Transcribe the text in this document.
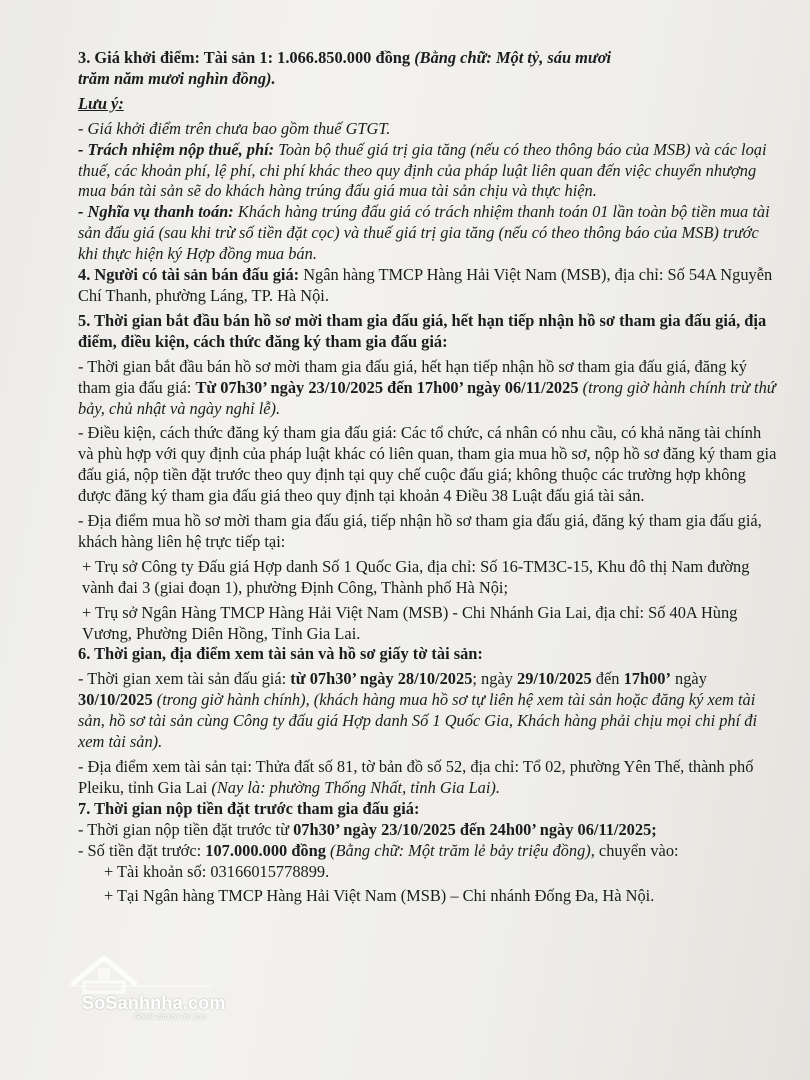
3. Giá khởi điểm: Tài sản 1: 1.066.850.000 đồng (Bằng chữ: Một tỷ, sáu mươi

trăm năm mươi nghìn đồng).

Lưu ý:

- Giá khởi điểm trên chưa bao gồm thuế GTGT.

- Trách nhiệm nộp thuế, phí: Toàn bộ thuế giá trị gia tăng (nếu có theo thông báo của MSB) và các loại thuế, các khoản phí, lệ phí, chi phí khác theo quy định của pháp luật liên quan đến việc chuyển nhượng mua bán tài sản sẽ do khách hàng trúng đấu giá mua tài sản chịu và thực hiện.

- Nghĩa vụ thanh toán: Khách hàng trúng đấu giá có trách nhiệm thanh toán 01 lần toàn bộ tiền mua tài sản đấu giá (sau khi trừ số tiền đặt cọc) và thuế giá trị gia tăng (nếu có theo thông báo của MSB) trước khi thực hiện ký Hợp đồng mua bán.

4. Người có tài sản bán đấu giá: Ngân hàng TMCP Hàng Hải Việt Nam (MSB), địa chỉ: Số 54A Nguyễn Chí Thanh, phường Láng, TP. Hà Nội.

5. Thời gian bắt đầu bán hồ sơ mời tham gia đấu giá, hết hạn tiếp nhận hồ sơ tham gia đấu giá, địa điểm, điều kiện, cách thức đăng ký tham gia đấu giá:

- Thời gian bắt đầu bán hồ sơ mời tham gia đấu giá, hết hạn tiếp nhận hồ sơ tham gia đấu giá, đăng ký tham gia đấu giá: Từ 07h30’ ngày 23/10/2025 đến 17h00’ ngày 06/11/2025 (trong giờ hành chính trừ thứ bảy, chủ nhật và ngày nghỉ lễ).

- Điều kiện, cách thức đăng ký tham gia đấu giá: Các tổ chức, cá nhân có nhu cầu, có khả năng tài chính và phù hợp với quy định của pháp luật khác có liên quan, tham gia mua hồ sơ, nộp hồ sơ đăng ký tham gia đấu giá, nộp tiền đặt trước theo quy định tại quy chế cuộc đấu giá; không thuộc các trường hợp không được đăng ký tham gia đấu giá theo quy định tại khoản 4 Điều 38 Luật đấu giá tài sản.

- Địa điểm mua hồ sơ mời tham gia đấu giá, tiếp nhận hồ sơ tham gia đấu giá, đăng ký tham gia đấu giá, khách hàng liên hệ trực tiếp tại:

+ Trụ sở Công ty Đấu giá Hợp danh Số 1 Quốc Gia, địa chỉ: Số 16-TM3C-15, Khu đô thị Nam đường vành đai 3 (giai đoạn 1), phường Định Công, Thành phố Hà Nội;

+ Trụ sở Ngân Hàng TMCP Hàng Hải Việt Nam (MSB) - Chi Nhánh Gia Lai, địa chỉ: Số 40A Hùng Vương, Phường Diên Hồng, Tỉnh Gia Lai.

6. Thời gian, địa điểm xem tài sản và hồ sơ giấy tờ tài sản:

- Thời gian xem tài sản đấu giá: từ 07h30’ ngày 28/10/2025; ngày 29/10/2025 đến 17h00’ ngày 30/10/2025 (trong giờ hành chính), (khách hàng mua hồ sơ tự liên hệ xem tài sản hoặc đăng ký xem tài sản, hồ sơ tài sản cùng Công ty đấu giá Hợp danh Số 1 Quốc Gia, Khách hàng phải chịu mọi chi phí đi xem tài sản).

- Địa điểm xem tài sản tại: Thửa đất số 81, tờ bản đồ số 52, địa chỉ: Tổ 02, phường Yên Thế, thành phố Pleiku, tỉnh Gia Lai (Nay là: phường Thống Nhất, tỉnh Gia Lai).

7. Thời gian nộp tiền đặt trước tham gia đấu giá:

- Thời gian nộp tiền đặt trước từ 07h30’ ngày 23/10/2025 đến 24h00’ ngày 06/11/2025;

- Số tiền đặt trước: 107.000.000 đồng (Bằng chữ: Một trăm lẻ bảy triệu đồng), chuyển vào:

+ Tài khoản số: 03166015778899.

+ Tại Ngân hàng TMCP Hàng Hải Việt Nam (MSB) – Chi nhánh Đống Đa, Hà Nội.

SoSanhnha.com
Great choice for you
